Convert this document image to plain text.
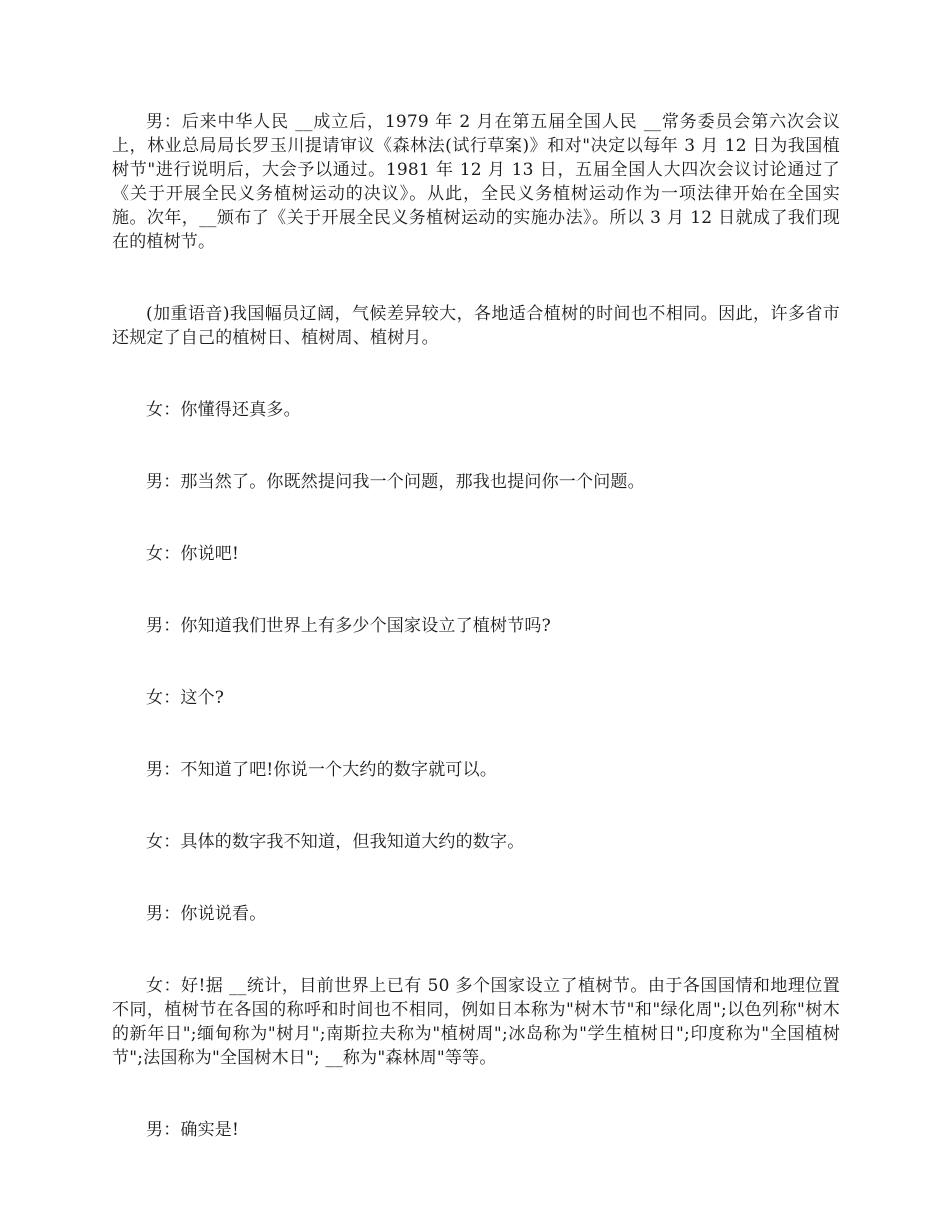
男：后来中华人民 __成立后，1979 年 2 月在第五届全国人民 __常务委员会第六次会议上，林业总局局长罗玉川提请审议《森林法(试行草案)》和对"决定以每年 3 月 12 日为我国植树节"进行说明后，大会予以通过。1981 年 12 月 13 日，五届全国人大四次会议讨论通过了《关于开展全民义务植树运动的决议》。从此，全民义务植树运动作为一项法律开始在全国实施。次年，__颁布了《关于开展全民义务植树运动的实施办法》。所以 3 月 12 日就成了我们现在的植树节。

(加重语音)我国幅员辽阔，气候差异较大，各地适合植树的时间也不相同。因此，许多省市还规定了自己的植树日、植树周、植树月。

女：你懂得还真多。

男：那当然了。你既然提问我一个问题，那我也提问你一个问题。

女：你说吧!

男：你知道我们世界上有多少个国家设立了植树节吗?

女：这个?

男：不知道了吧!你说一个大约的数字就可以。

女：具体的数字我不知道，但我知道大约的数字。

男：你说说看。

女：好!据 __统计，目前世界上已有 50 多个国家设立了植树节。由于各国国情和地理位置不同，植树节在各国的称呼和时间也不相同，例如日本称为"树木节"和"绿化周";以色列称"树木的新年日";缅甸称为"树月";南斯拉夫称为"植树周";冰岛称为"学生植树日";印度称为"全国植树节";法国称为"全国树木日"; __称为"森林周"等等。

男：确实是!
